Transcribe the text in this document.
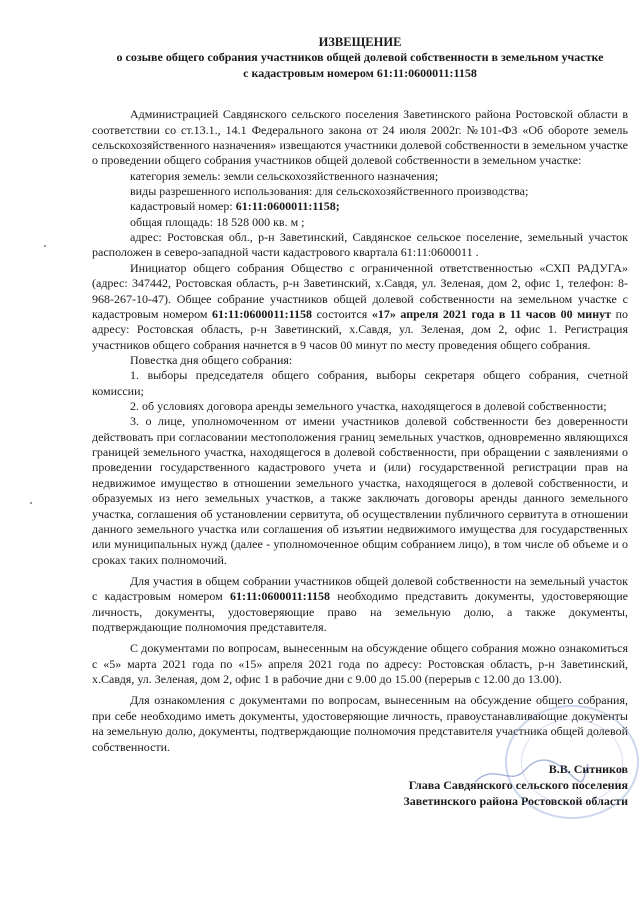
ИЗВЕЩЕНИЕ
о созыве общего собрания участников общей долевой собственности в земельном участке
с кадастровым номером 61:11:0600011:1158

Администрацией Савдянского сельского поселения Заветинского района Ростовской области в соответствии со ст.13.1., 14.1 Федерального закона от 24 июля 2002г. №101-ФЗ «Об обороте земель сельскохозяйственного назначения» извещаются участники долевой собственности в земельном участке о проведении общего собрания участников общей долевой собственности в земельном участке:

категория земель: земли сельскохозяйственного назначения;

виды разрешенного использования: для сельскохозяйственного производства;

кадастровый номер: 61:11:0600011:1158;

общая площадь: 18 528 000 кв. м ;

адрес: Ростовская обл., р-н Заветинский, Савдянское сельское поселение, земельный участок расположен в северо-западной части кадастрового квартала 61:11:0600011 .

Инициатор общего собрания Общество с ограниченной ответственностью «СХП РАДУГА» (адрес: 347442, Ростовская область, р-н Заветинский, х.Савдя, ул. Зеленая, дом 2, офис 1, телефон: 8-968-267-10-47). Общее собрание участников общей долевой собственности на земельном участке с кадастровым номером 61:11:0600011:1158 состоится «17» апреля 2021 года в 11 часов 00 минут по адресу: Ростовская область, р-н Заветинский, х.Савдя, ул. Зеленая, дом 2, офис 1. Регистрация участников общего собрания начнется в 9 часов 00 минут по месту проведения общего собрания.

Повестка дня общего собрания:

1. выборы председателя общего собрания, выборы секретаря общего собрания, счетной комиссии;

2. об условиях договора аренды земельного участка, находящегося в долевой собственности;

3. о лице, уполномоченном от имени участников долевой собственности без доверенности действовать при согласовании местоположения границ земельных участков, одновременно являющихся границей земельного участка, находящегося в долевой собственности, при обращении с заявлениями о проведении государственного кадастрового учета и (или) государственной регистрации прав на недвижимое имущество в отношении земельного участка, находящегося в долевой собственности, и образуемых из него земельных участков, а также заключать договоры аренды данного земельного участка, соглашения об установлении сервитута, об осуществлении публичного сервитута в отношении данного земельного участка или соглашения об изъятии недвижимого имущества для государственных или муниципальных нужд (далее - уполномоченное общим собранием лицо), в том числе об объеме и о сроках таких полномочий.

Для участия в общем собрании участников общей долевой собственности на земельный участок с кадастровым номером 61:11:0600011:1158 необходимо представить документы, удостоверяющие личность, документы, удостоверяющие право на земельную долю, а также документы, подтверждающие полномочия представителя.

С документами по вопросам, вынесенным на обсуждение общего собрания можно ознакомиться с «5» марта 2021 года по «15» апреля 2021 года по адресу: Ростовская область, р-н Заветинский, х.Савдя, ул. Зеленая, дом 2, офис 1 в рабочие дни с 9.00 до 15.00 (перерыв с 12.00 до 13.00).

Для ознакомления с документами по вопросам, вынесенным на обсуждение общего собрания, при себе необходимо иметь документы, удостоверяющие личность, правоустанавливающие документы на земельную долю, документы, подтверждающие полномочия представителя участника общей долевой собственности.

В.В. Ситников
Глава Савдянского сельского поселения
Заветинского района Ростовской области
